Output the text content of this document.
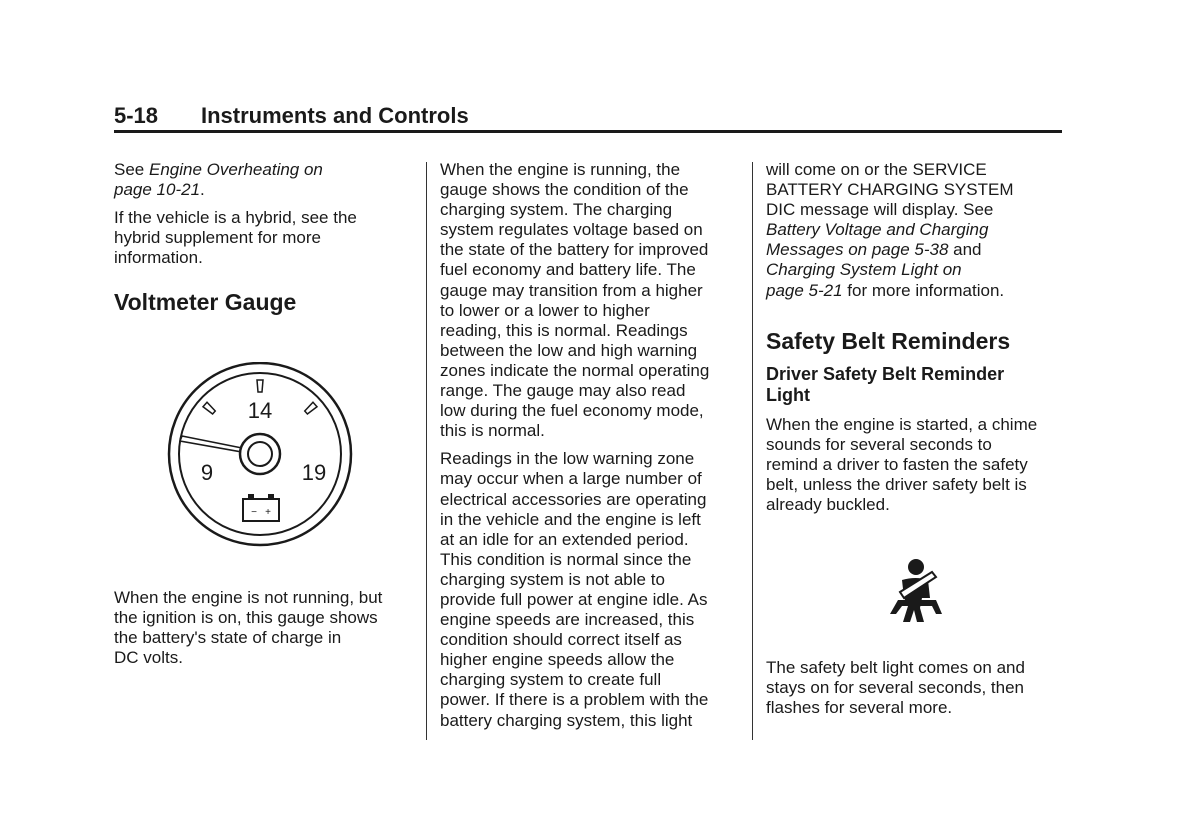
5-18 Instruments and Controls

See Engine Overheating on
page 10-21.

If the vehicle is a hybrid, see the
hybrid supplement for more
information.

Voltmeter Gauge
14
9	19
− +

When the engine is not running, but
the ignition is on, this gauge shows
the battery's state of charge in
DC volts.

When the engine is running, the
gauge shows the condition of the
charging system. The charging
system regulates voltage based on
the state of the battery for improved
fuel economy and battery life. The
gauge may transition from a higher
to lower or a lower to higher
reading, this is normal. Readings
between the low and high warning
zones indicate the normal operating
range. The gauge may also read
low during the fuel economy mode,
this is normal.

Readings in the low warning zone
may occur when a large number of
electrical accessories are operating
in the vehicle and the engine is left
at an idle for an extended period.
This condition is normal since the
charging system is not able to
provide full power at engine idle. As
engine speeds are increased, this
condition should correct itself as
higher engine speeds allow the
charging system to create full
power. If there is a problem with the
battery charging system, this light

will come on or the SERVICE
BATTERY CHARGING SYSTEM
DIC message will display. See
Battery Voltage and Charging
Messages on page 5-38 and
Charging System Light on
page 5-21 for more information.

Safety Belt Reminders
Driver Safety Belt Reminder
Light

When the engine is started, a chime
sounds for several seconds to
remind a driver to fasten the safety
belt, unless the driver safety belt is
already buckled.

The safety belt light comes on and
stays on for several seconds, then
flashes for several more.
